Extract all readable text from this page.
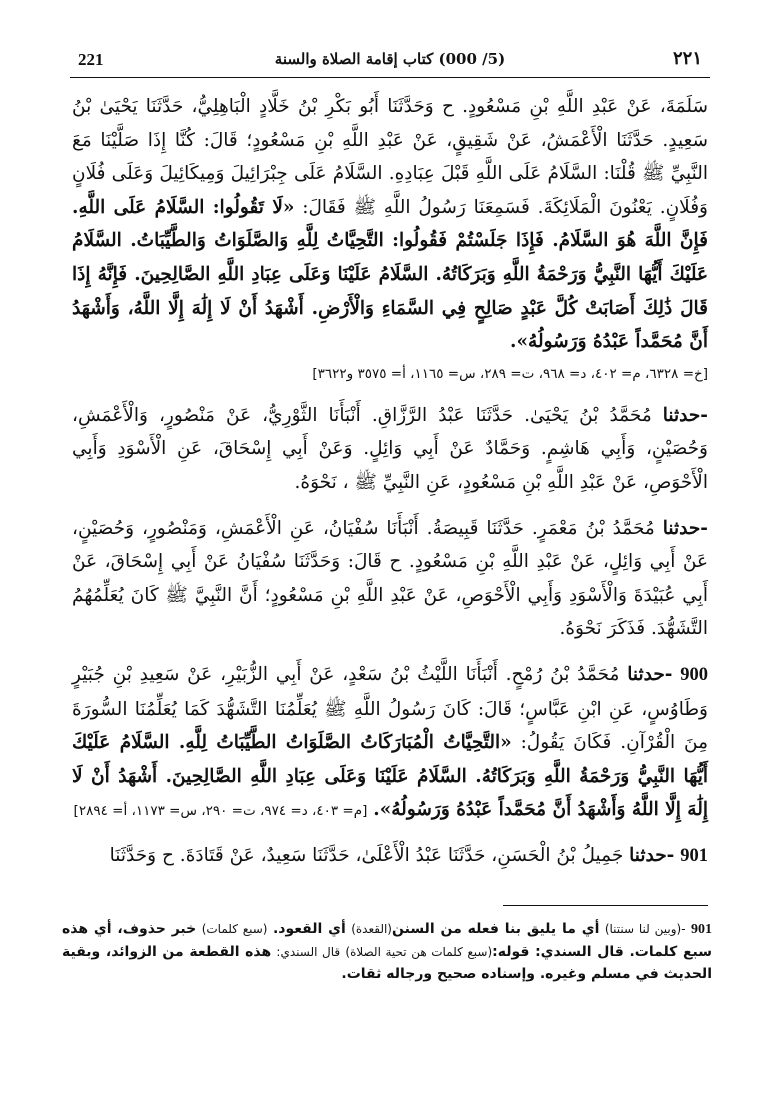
221	(5/ 000) كتاب إقامة الصلاة والسنة	٢٢١

سَلَمَةَ، عَنْ عَبْدِ اللَّهِ بْنِ مَسْعُودٍ. ح وَحَدَّثَنَا أَبُو بَكْرِ بْنُ خَلَّادٍ الْبَاهِلِيُّ، حَدَّثَنَا يَحْيَىٰ بْنُ سَعِيدٍ. حَدَّثَنَا الْأَعْمَشُ، عَنْ شَقِيقٍ، عَنْ عَبْدِ اللَّهِ بْنِ مَسْعُودٍ؛ قَالَ: كُنَّا إِذَا صَلَّيْنَا مَعَ النَّبِيِّ ﷺ قُلْنَا: السَّلَامُ عَلَى اللَّهِ قَبْلَ عِبَادِهِ. السَّلَامُ عَلَى جِبْرَائِيلَ وَمِيكَائِيلَ وَعَلَى فُلَانٍ وَفُلَانٍ. يَعْنُونَ الْمَلَائِكَةَ. فَسَمِعَنَا رَسُولُ اللَّهِ ﷺ فَقَالَ: «لَا تَقُولُوا: السَّلَامُ عَلَى اللَّهِ. فَإِنَّ اللَّهَ هُوَ السَّلَامُ. فَإِذَا جَلَسْتُمْ فَقُولُوا: التَّحِيَّاتُ لِلَّهِ وَالصَّلَوَاتُ وَالطَّيِّبَاتُ. السَّلَامُ عَلَيْكَ أَيُّهَا النَّبِيُّ وَرَحْمَةُ اللَّهِ وَبَرَكَاتُهُ. السَّلَامُ عَلَيْنَا وَعَلَى عِبَادِ اللَّهِ الصَّالِحِينَ. فَإِنَّهُ إِذَا قَالَ ذَٰلِكَ أَصَابَتْ كُلَّ عَبْدٍ صَالِحٍ فِي السَّمَاءِ وَالْأَرْضِ. أَشْهَدُ أَنْ لَا إِلَٰهَ إِلَّا اللَّهُ، وَأَشْهَدُ أَنَّ مُحَمَّداً عَبْدُهُ وَرَسُولُهُ».

[خ= ٦٣٢٨، م= ٤٠٢، د= ٩٦٨، ت= ٢٨٩، س= ١١٦٥، أ= ٣٥٧٥ و٣٦٢٢]

-حدثنا مُحَمَّدُ بْنُ يَحْيَىٰ. حَدَّثَنَا عَبْدُ الرَّزَّاقِ. أَنْبَأَنَا الثَّوْرِيُّ، عَنْ مَنْصُورٍ، وَالْأَعْمَشِ، وَحُصَيْنٍ، وَأَبِي هَاشِمٍ. وَحَمَّادٌ عَنْ أَبِي وَائِلٍ. وَعَنْ أَبِي إِسْحَاقَ، عَنِ الْأَسْوَدِ وَأَبِي الْأَحْوَصِ، عَنْ عَبْدِ اللَّهِ بْنِ مَسْعُودٍ، عَنِ النَّبِيِّ ﷺ ، نَحْوَهُ.

-حدثنا مُحَمَّدُ بْنُ مَعْمَرٍ. حَدَّثَنَا قَبِيصَةُ. أَنْبَأَنَا سُفْيَانُ، عَنِ الْأَعْمَشِ، وَمَنْصُورٍ، وَحُصَيْنٍ، عَنْ أَبِي وَائِلٍ، عَنْ عَبْدِ اللَّهِ بْنِ مَسْعُودٍ. ح قَالَ: وَحَدَّثَنَا سُفْيَانُ عَنْ أَبِي إِسْحَاقَ، عَنْ أَبِي عُبَيْدَةَ وَالْأَسْوَدِ وَأَبِي الْأَحْوَصِ، عَنْ عَبْدِ اللَّهِ بْنِ مَسْعُودٍ؛ أَنَّ النَّبِيَّ ﷺ كَانَ يُعَلِّمُهُمُ التَّشَهُّدَ. فَذَكَرَ نَحْوَهُ.

900 -حدثنا مُحَمَّدُ بْنُ رُمْحٍ. أَنْبَأَنَا اللَّيْثُ بْنُ سَعْدٍ، عَنْ أَبِي الزُّبَيْرِ، عَنْ سَعِيدِ بْنِ جُبَيْرٍ وَطَاوُسٍ، عَنِ ابْنِ عَبَّاسٍ؛ قَالَ: كَانَ رَسُولُ اللَّهِ ﷺ يُعَلِّمُنَا التَّشَهُّدَ كَمَا يُعَلِّمُنَا السُّورَةَ مِنَ الْقُرْآنِ. فَكَانَ يَقُولُ: «التَّحِيَّاتُ الْمُبَارَكَاتُ الصَّلَوَاتُ الطَّيِّبَاتُ لِلَّهِ. السَّلَامُ عَلَيْكَ أَيُّهَا النَّبِيُّ وَرَحْمَةُ اللَّهِ وَبَرَكَاتُهُ. السَّلَامُ عَلَيْنَا وَعَلَى عِبَادِ اللَّهِ الصَّالِحِينَ. أَشْهَدُ أَنْ لَا إِلَٰهَ إِلَّا اللَّهُ وَأَشْهَدُ أَنَّ مُحَمَّداً عَبْدُهُ وَرَسُولُهُ». [م= ٤٠٣، د= ٩٧٤، ت= ٢٩٠، س= ١١٧٣، أ= ٢٨٩٤]

901 -حدثنا جَمِيلُ بْنُ الْحَسَنِ، حَدَّثَنَا عَبْدُ الْأَعْلَىٰ، حَدَّثَنَا سَعِيدٌ، عَنْ قَتَادَةَ. ح وَحَدَّثَنَا

901 -(وبين لنا سنتنا) أي ما يليق بنا فعله من السنن(القعدة) أي القعود. (سبع كلمات) خبر حذوف، أي هذه سبع كلمات. قال السندي: قوله:(سبع كلمات هن تحية الصلاة) قال السندي: هذه القطعة من الزوائد، وبقية الحديث في مسلم وغيره. وإسناده صحيح ورجاله ثقات.
